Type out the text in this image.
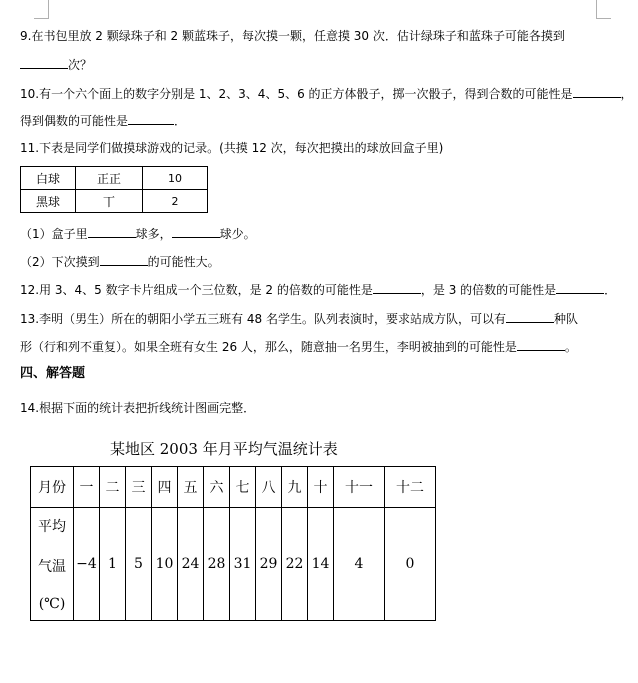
9.在书包里放 2 颗绿珠子和 2 颗蓝珠子，每次摸一颗，任意摸 30 次．估计绿珠子和蓝珠子可能各摸到
次？
10.有一个六个面上的数字分别是 1、2、3、4、5、6 的正方体骰子，掷一次骰子，得到合数的可能性是	，
得到偶数的可能性是	．
11.下表是同学们做摸球游戏的记录。(共摸 12 次，每次把摸出的球放回盒子里)
白球	正正	10
黑球	丅	2
（1）盒子里	球多，	球少。
（2）下次摸到	的可能性大。
12.用 3、4、5 数字卡片组成一个三位数，是 2 的倍数的可能性是	，是 3 的倍数的可能性是	．
13.李明（男生）所在的朝阳小学五三班有 48 名学生。队列表演时，要求站成方队，可以有	种队
形（行和列不重复）。如果全班有女生 26 人，那么，随意抽一名男生，李明被抽到的可能性是	。
四、解答题
14.根据下面的统计表把折线统计图画完整．
某地区 2003 年月平均气温统计表
月份	一	二	三	四	五	六	七	八	九	十	十一	十二

平均
气温
(℃)	−4	1	5	10	24	28	31	29	22	14	4	0
